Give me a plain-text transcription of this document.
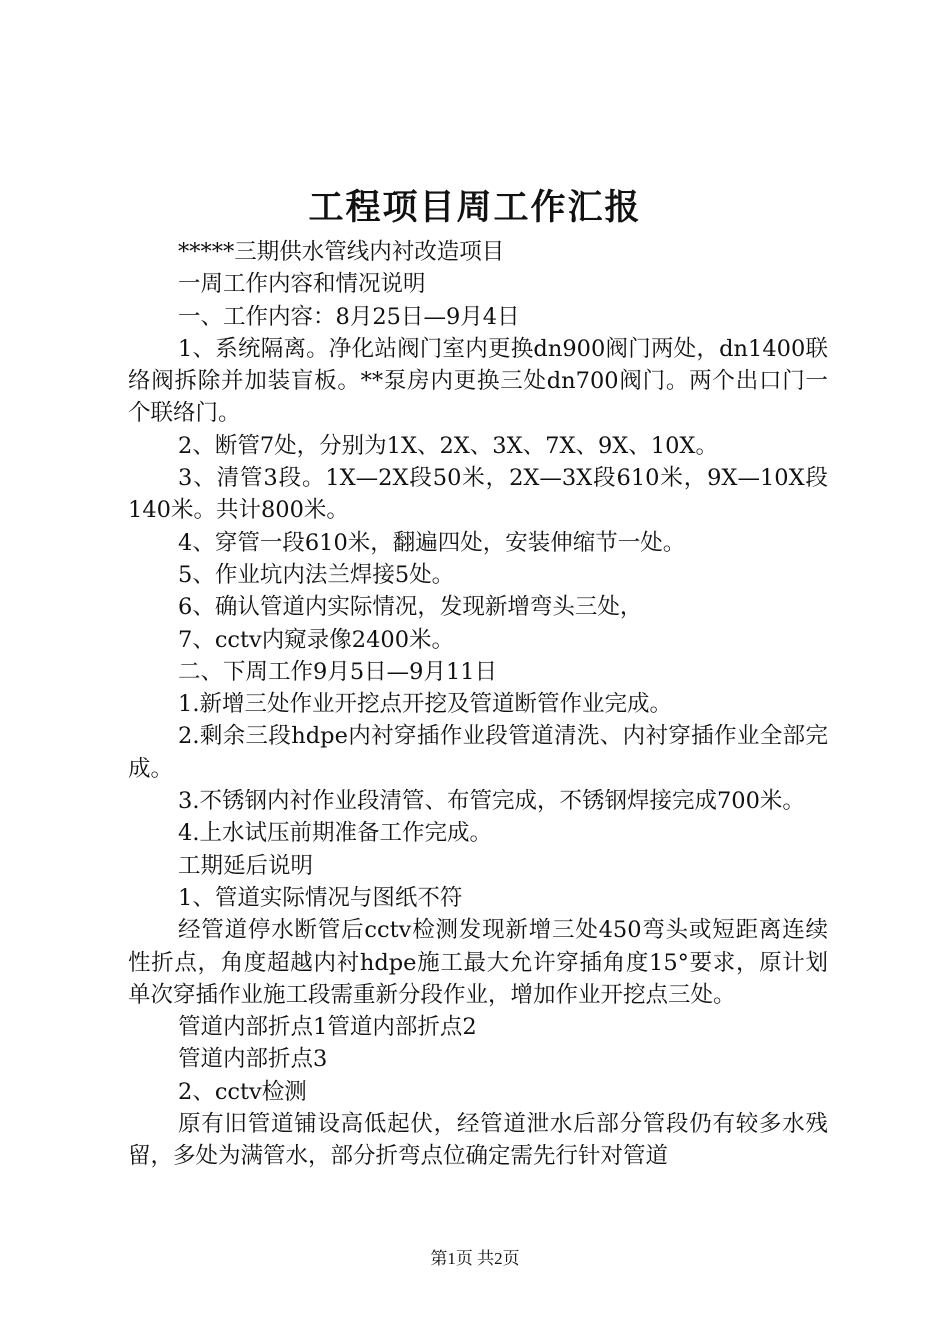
工程项目周工作汇报

*****三期供水管线内衬改造项目

一周工作内容和情况说明

一、工作内容：8月25日—9月4日

1、系统隔离。净化站阀门室内更换dn900阀门两处，dn1400联络阀拆除并加装盲板。**泵房内更换三处dn700阀门。两个出口门一个联络门。

2、断管7处，分别为1X、2X、3X、7X、9X、10X。

3、清管3段。1X—2X段50米，2X—3X段610米，9X—10X段140米。共计800米。

4、穿管一段610米，翻遍四处，安装伸缩节一处。

5、作业坑内法兰焊接5处。

6、确认管道内实际情况，发现新增弯头三处，

7、cctv内窥录像2400米。

二、下周工作9月5日—9月11日

1.新增三处作业开挖点开挖及管道断管作业完成。

2.剩余三段hdpe内衬穿插作业段管道清洗、内衬穿插作业全部完成。

3.不锈钢内衬作业段清管、布管完成，不锈钢焊接完成700米。

4.上水试压前期准备工作完成。

工期延后说明

1、管道实际情况与图纸不符

经管道停水断管后cctv检测发现新增三处450弯头或短距离连续性折点，角度超越内衬hdpe施工最大允许穿插角度15°要求，原计划单次穿插作业施工段需重新分段作业，增加作业开挖点三处。

管道内部折点1管道内部折点2

管道内部折点3

2、cctv检测

原有旧管道铺设高低起伏，经管道泄水后部分管段仍有较多水残留，多处为满管水，部分折弯点位确定需先行针对管道

第1页 共2页
